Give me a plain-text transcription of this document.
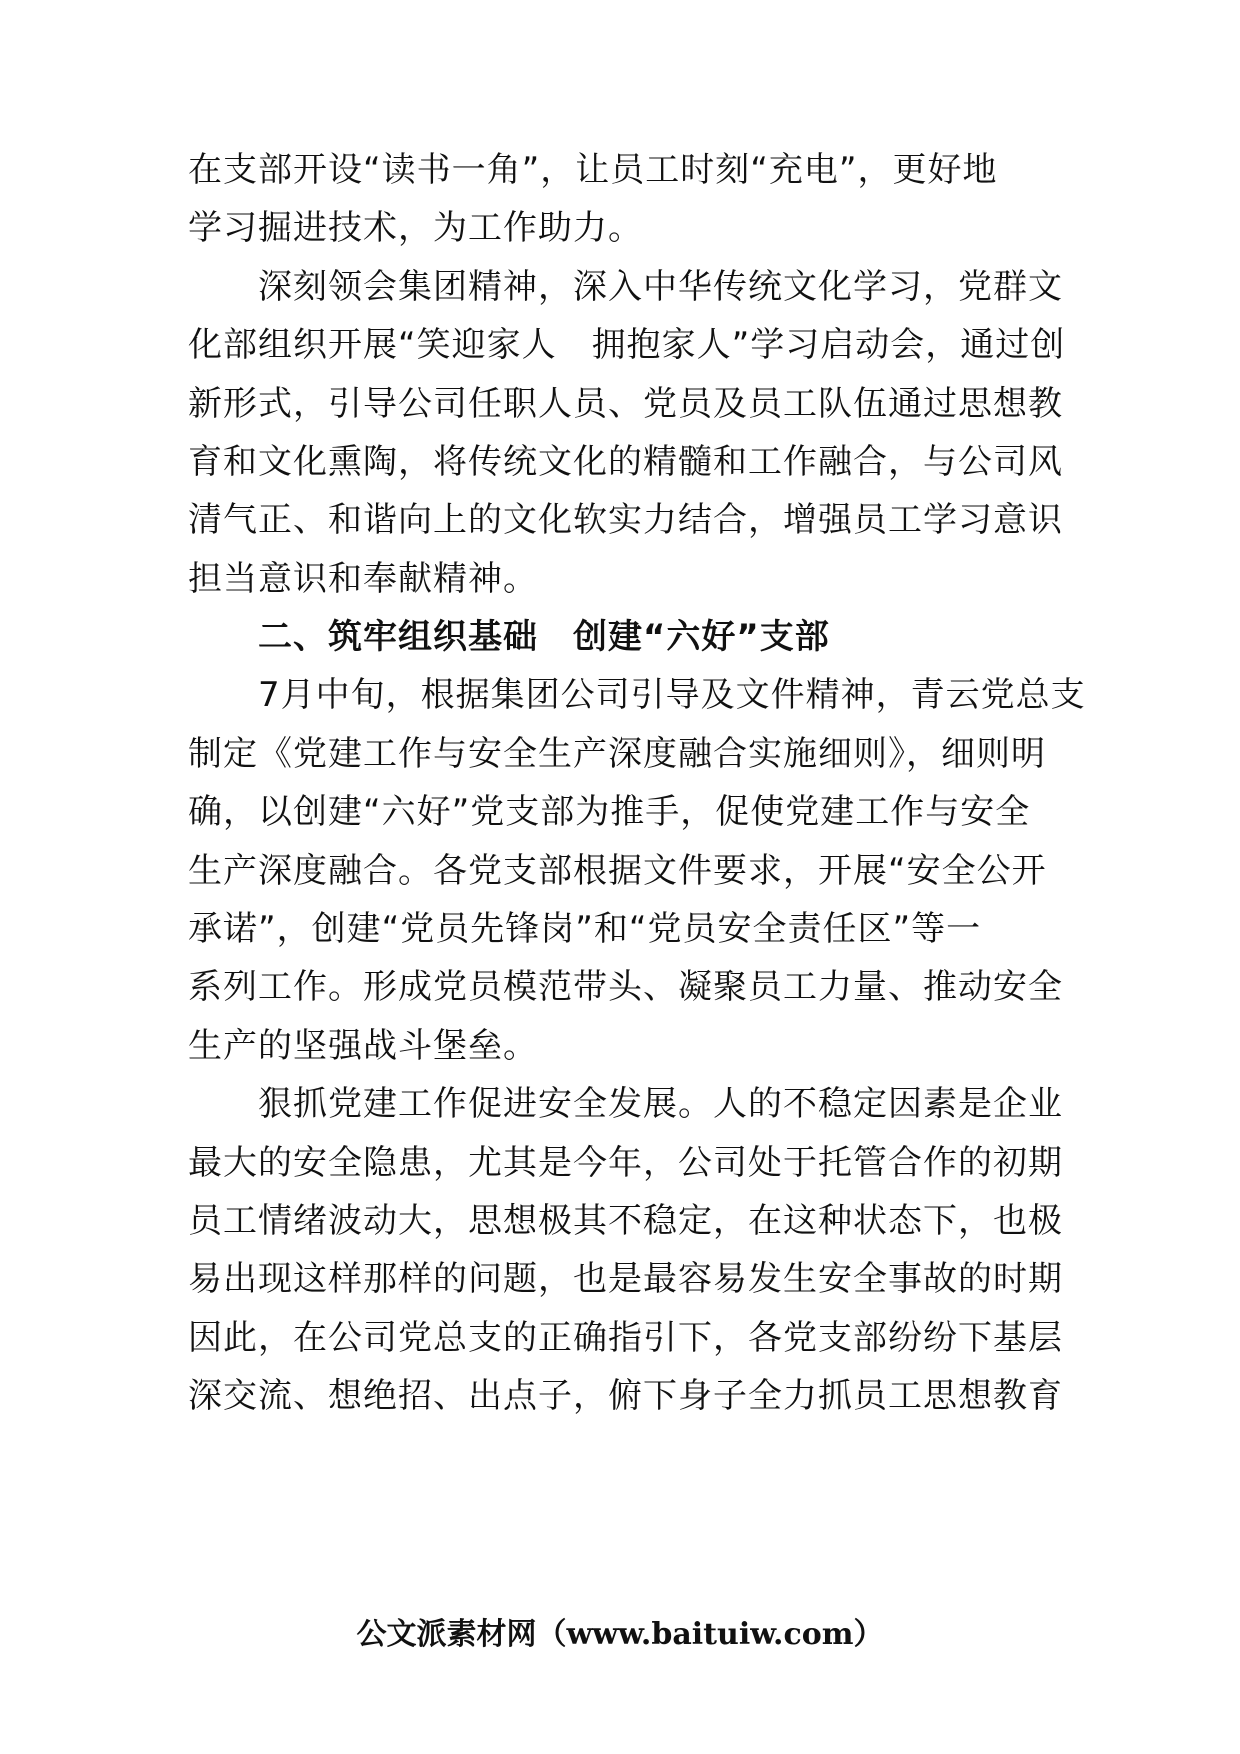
在支部开设“读书一角”，让员工时刻“充电”，更好地
学习掘进技术，为工作助力。
　　深刻领会集团精神，深入中华传统文化学习，党群文
化部组织开展“笑迎家人　拥抱家人”学习启动会，通过创
新形式，引导公司任职人员、党员及员工队伍通过思想教
育和文化熏陶，将传统文化的精髓和工作融合，与公司风
清气正、和谐向上的文化软实力结合，增强员工学习意识
担当意识和奉献精神。
　　二、筑牢组织基础　创建“六好”支部
　　7月中旬，根据集团公司引导及文件精神，青云党总支
制定《党建工作与安全生产深度融合实施细则》，细则明
确，以创建“六好”党支部为推手，促使党建工作与安全
生产深度融合。各党支部根据文件要求，开展“安全公开
承诺”，创建“党员先锋岗”和“党员安全责任区”等一
系列工作。形成党员模范带头、凝聚员工力量、推动安全
生产的坚强战斗堡垒。
　　狠抓党建工作促进安全发展。人的不稳定因素是企业
最大的安全隐患，尤其是今年，公司处于托管合作的初期
员工情绪波动大，思想极其不稳定，在这种状态下，也极
易出现这样那样的问题，也是最容易发生安全事故的时期
因此，在公司党总支的正确指引下，各党支部纷纷下基层
深交流、想绝招、出点子，俯下身子全力抓员工思想教育
公文派素材网（www.baituiw.com）
